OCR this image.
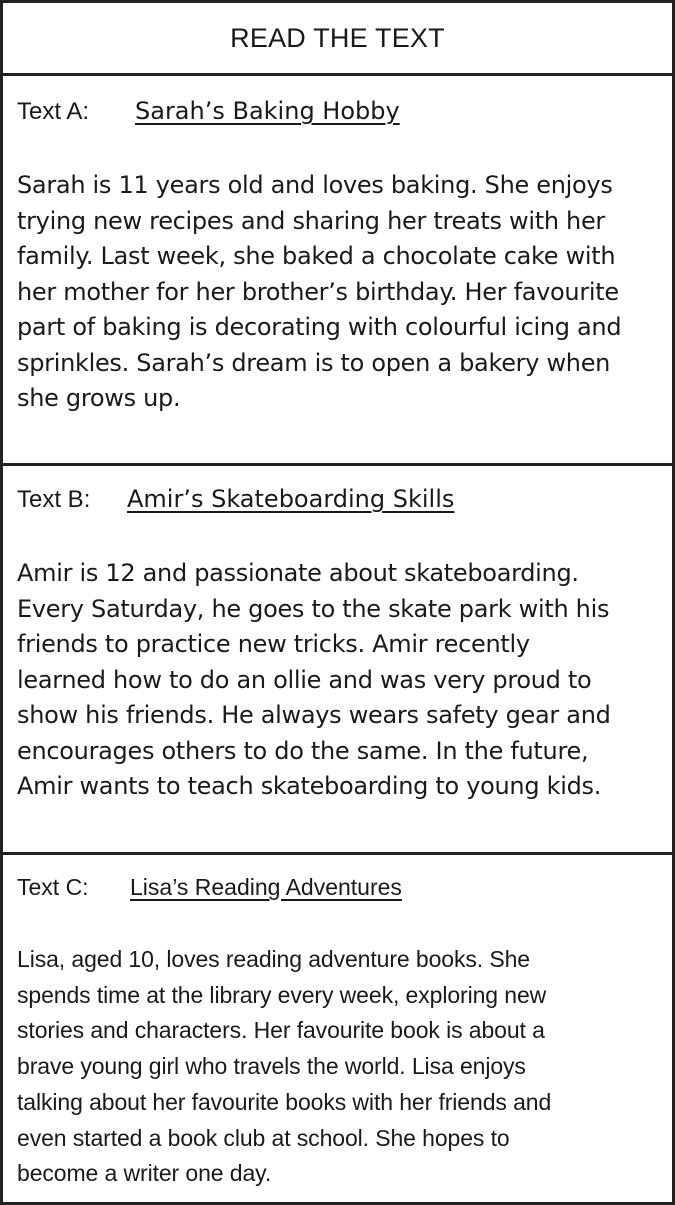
READ THE TEXT
Text A: Sarah’s Baking Hobby

Sarah is 11 years old and loves baking. She enjoys
trying new recipes and sharing her treats with her
family. Last week, she baked a chocolate cake with
her mother for her brother’s birthday. Her favourite
part of baking is decorating with colourful icing and
sprinkles. Sarah’s dream is to open a bakery when
she grows up.

Text B: Amir’s Skateboarding Skills

Amir is 12 and passionate about skateboarding.
Every Saturday, he goes to the skate park with his
friends to practice new tricks. Amir recently
learned how to do an ollie and was very proud to
show his friends. He always wears safety gear and
encourages others to do the same. In the future,
Amir wants to teach skateboarding to young kids.

Text C: Lisa’s Reading Adventures

Lisa, aged 10, loves reading adventure books. She
spends time at the library every week, exploring new
stories and characters. Her favourite book is about a
brave young girl who travels the world. Lisa enjoys
talking about her favourite books with her friends and
even started a book club at school. She hopes to
become a writer one day.
